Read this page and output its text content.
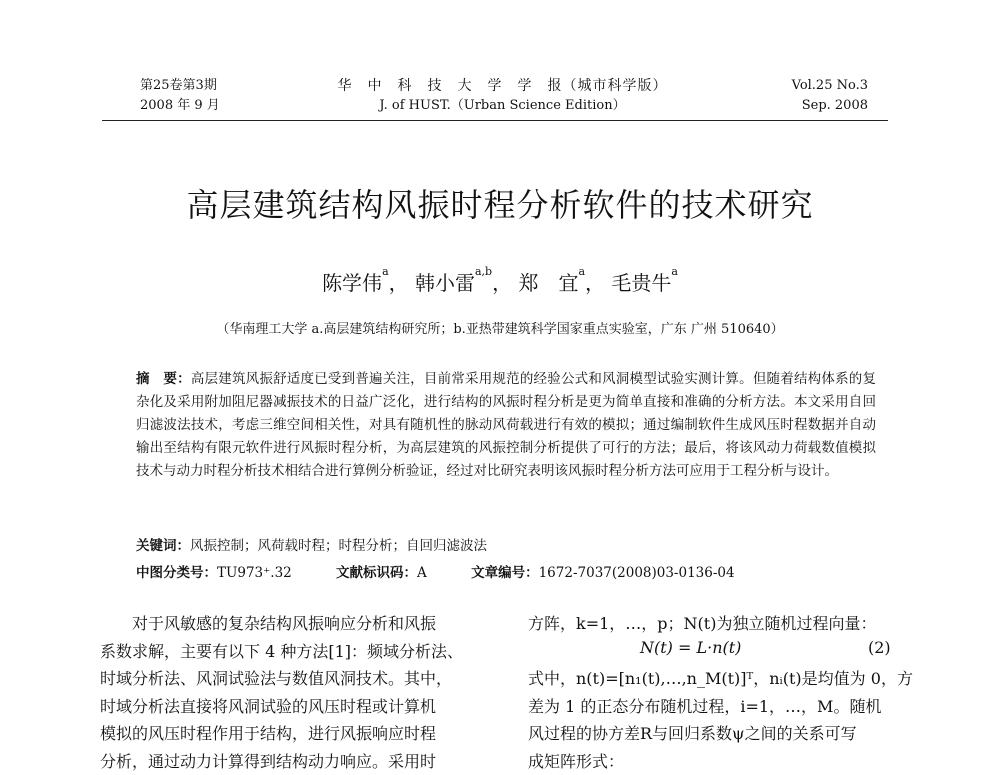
第25卷第3期
2008 年 9 月
华　中　科　技　大　学　学　报（城市科学版）
J. of HUST.（Urban Science Edition）
Vol.25 No.3
Sep. 2008
高层建筑结构风振时程分析软件的技术研究
陈学伟$^a$， 韩小雷$^{a,b}$， 郑　宜$^a$， 毛贵牛$^a$
（华南理工大学 a.高层建筑结构研究所；b.亚热带建筑科学国家重点实验室，广东 广州 510640）
摘　要：高层建筑风振舒适度已受到普遍关注，目前常采用规范的经验公式和风洞模型试验实测计算。但随着结构体系的复杂化及采用附加阻尼器减振技术的日益广泛化，进行结构的风振时程分析是更为简单直接和准确的分析方法。本文采用自回归滤波法技术，考虑三维空间相关性，对具有随机性的脉动风荷载进行有效的模拟；通过编制软件生成风压时程数据并自动输出至结构有限元软件进行风振时程分析，为高层建筑的风振控制分析提供了可行的方法；最后，将该风动力荷载数值模拟技术与动力时程分析技术相结合进行算例分析验证，经过对比研究表明该风振时程分析方法可应用于工程分析与设计。
关键词：风振控制；风荷载时程；时程分析；自回归滤波法
中图分类号：TU973⁺.32	文献标识码：A	文章编号：1672-7037(2008)03-0136-04

对于风敏感的复杂结构风振响应分析和风振

系数求解，主要有以下 4 种方法[1]：频域分析法、

时域分析法、风洞试验法与数值风洞技术。其中，

时域分析法直接将风洞试验的风压时程或计算机

模拟的风压时程作用于结构，进行风振响应时程

分析，通过动力计算得到结构动力响应。采用时

方阵，k=1，…，p；N(t)为独立随机过程向量：

N(t) = L·n(t)	(2)

式中，n(t)=[n₁(t),…,n_M(t)]ᵀ，nᵢ(t)是均值为 0，方

差为 1 的正态分布随机过程，i=1，…，M。随机

风过程的协方差R与回归系数ψ之间的关系可写

成矩阵形式：
